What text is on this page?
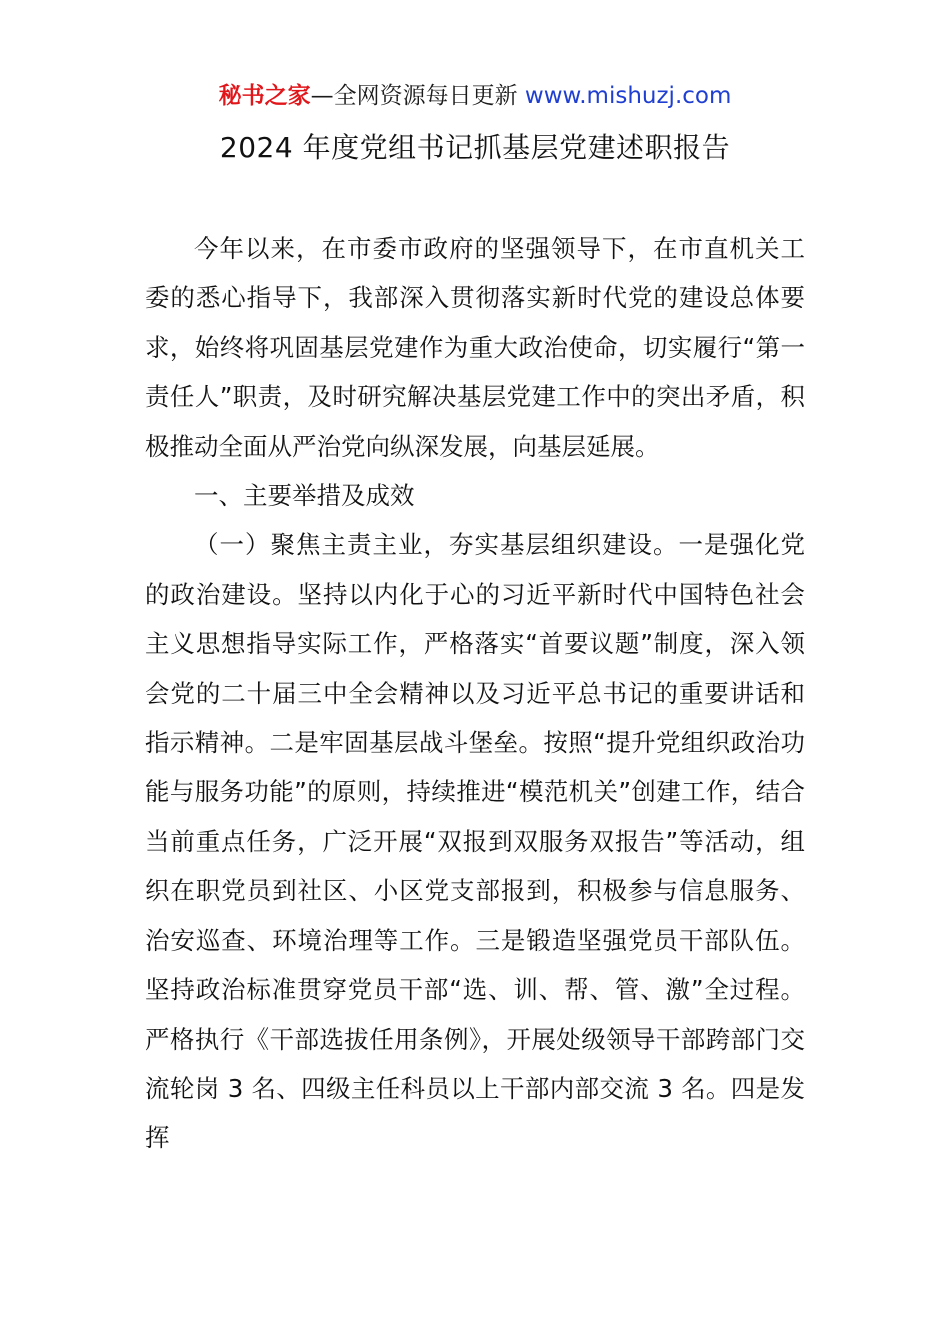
秘书之家—全网资源每日更新 www.mishuzj.com
2024 年度党组书记抓基层党建述职报告

今年以来，在市委市政府的坚强领导下，在市直机关工委的悉心指导下，我部深入贯彻落实新时代党的建设总体要求，始终将巩固基层党建作为重大政治使命，切实履行“第一责任人”职责，及时研究解决基层党建工作中的突出矛盾，积极推动全面从严治党向纵深发展，向基层延展。

一、主要举措及成效

（一）聚焦主责主业，夯实基层组织建设。一是强化党的政治建设。坚持以内化于心的习近平新时代中国特色社会主义思想指导实际工作，严格落实“首要议题”制度，深入领会党的二十届三中全会精神以及习近平总书记的重要讲话和指示精神。二是牢固基层战斗堡垒。按照“提升党组织政治功能与服务功能”的原则，持续推进“模范机关”创建工作，结合当前重点任务，广泛开展“双报到双服务双报告”等活动，组织在职党员到社区、小区党支部报到，积极参与信息服务、治安巡查、环境治理等工作。三是锻造坚强党员干部队伍。坚持政治标准贯穿党员干部“选、训、帮、管、激”全过程。严格执行《干部选拔任用条例》，开展处级领导干部跨部门交流轮岗 3 名、四级主任科员以上干部内部交流 3 名。四是发挥
